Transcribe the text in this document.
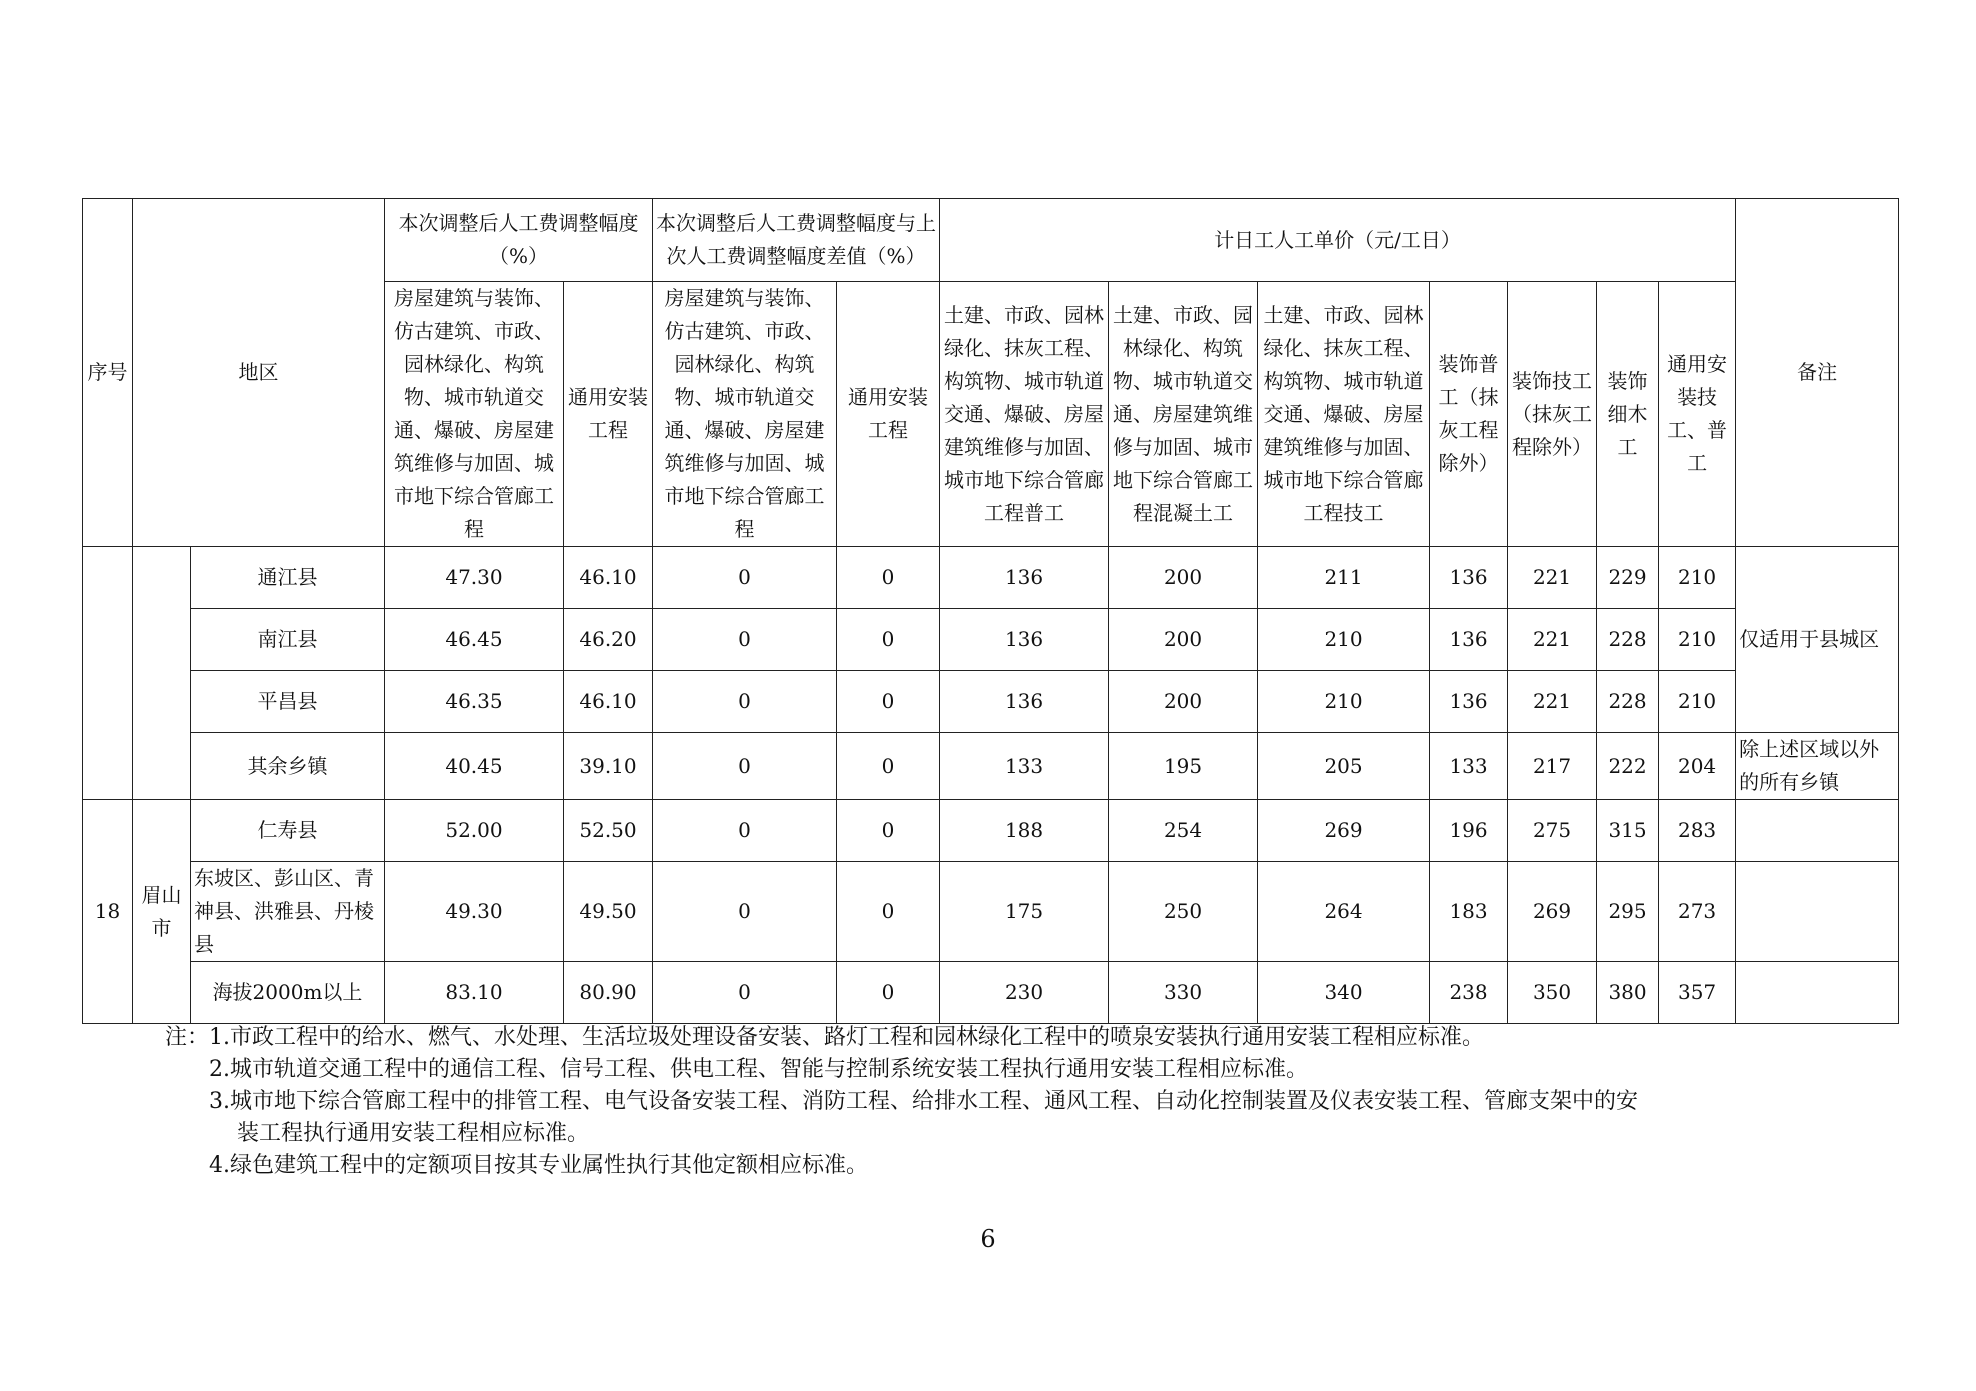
序号	地区		本次调整后人工费调整幅度（%）		本次调整后人工费调整幅度与上次人工费调整幅度差值（%）		计日工人工单价（元/工日）							备注
			房屋建筑与装饰、仿古建筑、市政、园林绿化、构筑物、城市轨道交通、爆破、房屋建筑维修与加固、城市地下综合管廊工程	通用安装工程	房屋建筑与装饰、仿古建筑、市政、园林绿化、构筑物、城市轨道交通、爆破、房屋建筑维修与加固、城市地下综合管廊工程	通用安装工程	土建、市政、园林绿化、抹灰工程、构筑物、城市轨道交通、爆破、房屋建筑维修与加固、城市地下综合管廊工程普工	土建、市政、园林绿化、构筑物、城市轨道交通、房屋建筑维修与加固、城市地下综合管廊工程混凝土工	土建、市政、园林绿化、抹灰工程、构筑物、城市轨道交通、爆破、房屋建筑维修与加固、城市地下综合管廊工程技工	装饰普工（抹灰工程除外）	装饰技工（抹灰工程除外）	装饰细木工	通用安装技工、普工	
		通江县	47.30	46.10	0	0	136	200	211	136	221	229	210	仅适用于县城区
		南江县	46.45	46.20	0	0	136	200	210	136	221	228	210	
		平昌县	46.35	46.10	0	0	136	200	210	136	221	228	210	
		其余乡镇	40.45	39.10	0	0	133	195	205	133	217	222	204	除上述区域以外的所有乡镇
18	眉山市	仁寿县	52.00	52.50	0	0	188	254	269	196	275	315	283	
		东坡区、彭山区、青神县、洪雅县、丹棱县	49.30	49.50	0	0	175	250	264	183	269	295	273	
		海拔2000m以上	83.10	80.90	0	0	230	330	340	238	350	380	357	
注：1.市政工程中的给水、燃气、水处理、生活垃圾处理设备安装、路灯工程和园林绿化工程中的喷泉安装执行通用安装工程相应标准。
2.城市轨道交通工程中的通信工程、信号工程、供电工程、智能与控制系统安装工程执行通用安装工程相应标准。
3.城市地下综合管廊工程中的排管工程、电气设备安装工程、消防工程、给排水工程、通风工程、自动化控制装置及仪表安装工程、管廊支架中的安
装工程执行通用安装工程相应标准。
4.绿色建筑工程中的定额项目按其专业属性执行其他定额相应标准。
6
